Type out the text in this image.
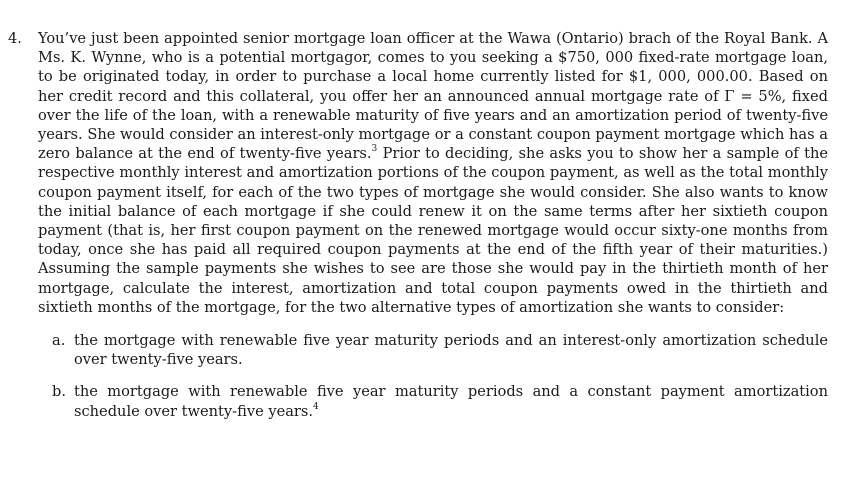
4. You’ve just been appointed senior mortgage loan officer at the Wawa (Ontario) brach of the Royal Bank. A Ms. K. Wynne, who is a potential mortgagor, comes to you seeking a $750, 000 fixed-rate mortgage loan, to be originated today, in order to purchase a local home currently listed for $1, 000, 000.00. Based on her credit record and this collateral, you offer her an announced annual mortgage rate of Γ = 5%, fixed over the life of the loan, with a renewable maturity of five years and an amortization period of twenty-five years. She would consider an interest-only mortgage or a constant coupon payment mortgage which has a zero balance at the end of twenty-five years.$^3$ Prior to deciding, she asks you to show her a sample of the respective monthly interest and amortization portions of the coupon payment, as well as the total monthly coupon payment itself, for each of the two types of mortgage she would consider. She also wants to know the initial balance of each mortgage if she could renew it on the same terms after her sixtieth coupon payment (that is, her first coupon payment on the renewed mortgage would occur sixty-one months from today, once she has paid all required coupon payments at the end of the fifth year of their maturities.) Assuming the sample payments she wishes to see are those she would pay in the thirtieth month of her mortgage, calculate the interest, amortization and total coupon payments owed in the thirtieth and sixtieth months of the mortgage, for the two alternative types of amortization she wants to consider:
a. the mortgage with renewable five year maturity periods and an interest-only amortization schedule over twenty-five years.
b. the mortgage with renewable five year maturity periods and a constant payment amortization schedule over twenty-five years.$^4$
